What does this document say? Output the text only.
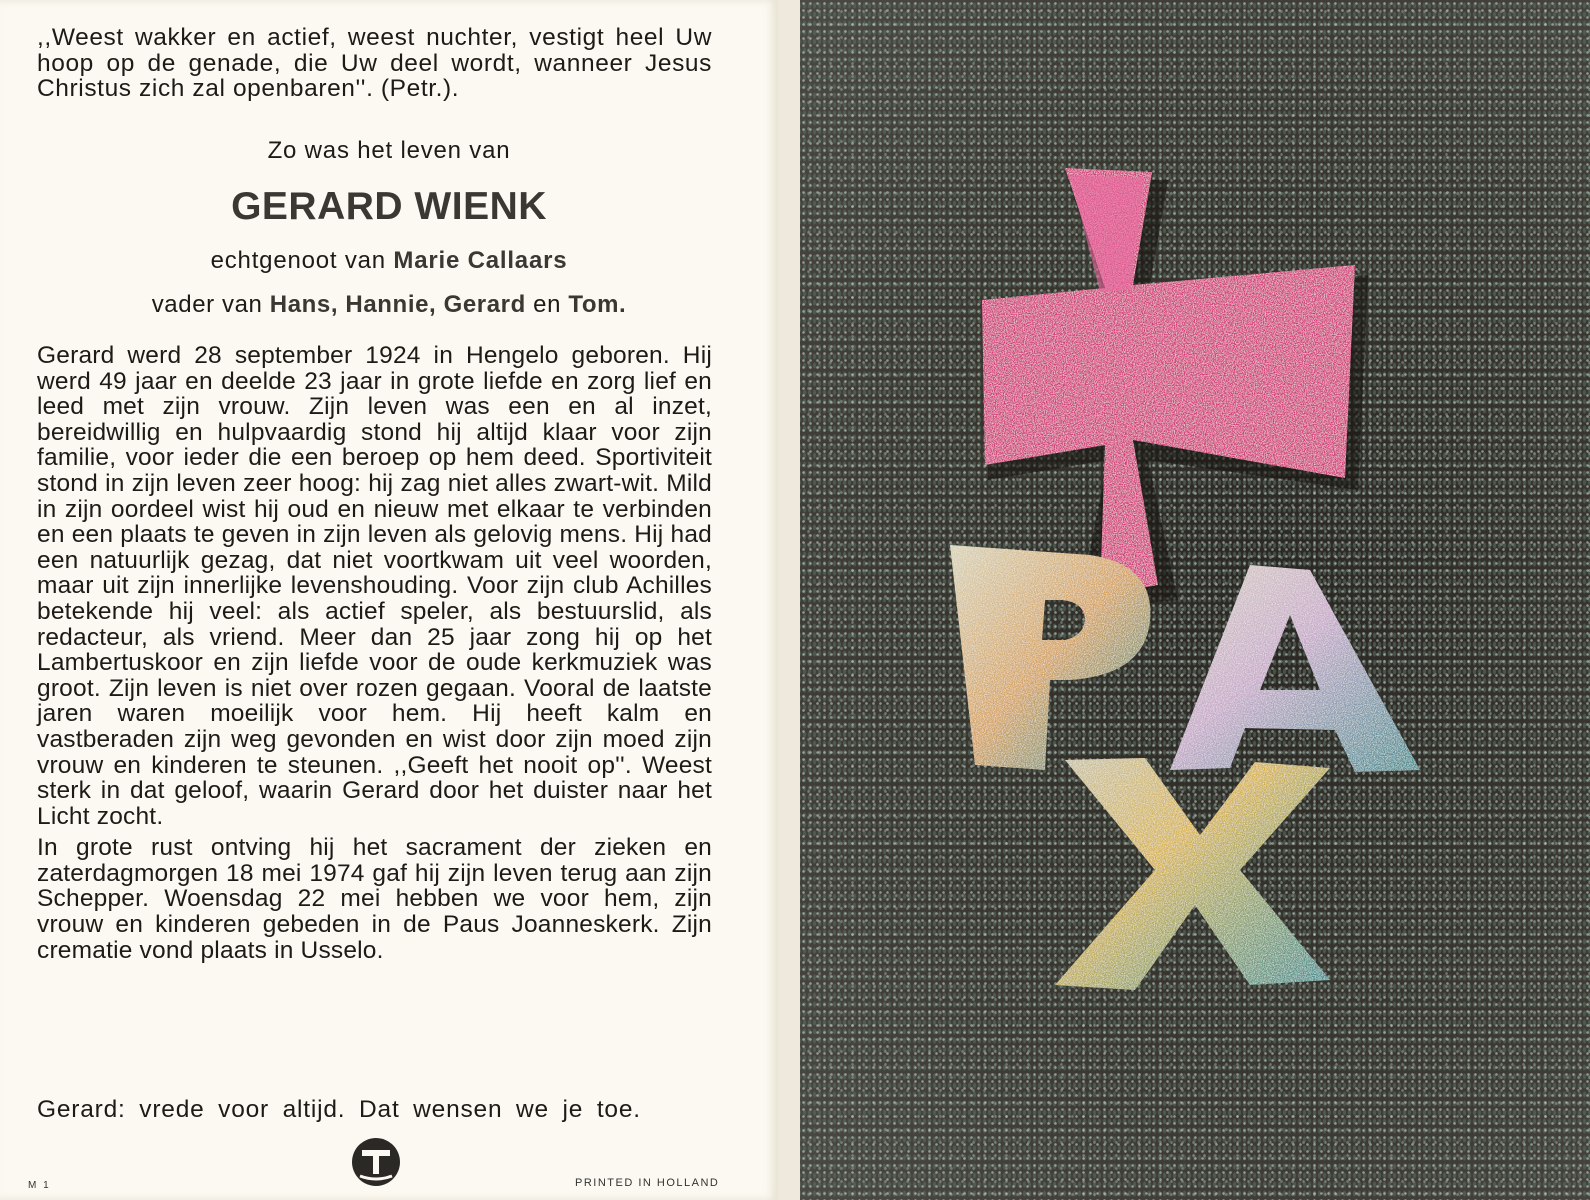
,,Weest wakker en actief, weest nuchter, vestigt heel Uw hoop op de genade, die Uw deel wordt, wanneer Jesus Christus zich zal openbaren''. (Petr.).
Zo was het leven van
GERARD WIENK
echtgenoot van Marie Callaars
vader van Hans, Hannie, Gerard en Tom.

Gerard werd 28 september 1924 in Hengelo geboren. Hij werd 49 jaar en deelde 23 jaar in grote liefde en zorg lief en leed met zijn vrouw. Zijn leven was een en al inzet, bereidwillig en hulpvaardig stond hij altijd klaar voor zijn familie, voor ieder die een beroep op hem deed. Sportiviteit stond in zijn leven zeer hoog: hij zag niet alles zwart-wit. Mild in zijn oordeel wist hij oud en nieuw met elkaar te verbinden en een plaats te geven in zijn leven als gelovig mens. Hij had een natuurlijk gezag, dat niet voortkwam uit veel woorden, maar uit zijn innerlijke levenshouding. Voor zijn club Achilles betekende hij veel: als actief speler, als bestuurslid, als redacteur, als vriend. Meer dan 25 jaar zong hij op het Lambertuskoor en zijn liefde voor de oude kerkmuziek was groot. Zijn leven is niet over rozen gegaan. Vooral de laatste jaren waren moeilijk voor hem. Hij heeft kalm en vastberaden zijn weg gevonden en wist door zijn moed zijn vrouw en kinderen te steunen. ,,Geeft het nooit op''. Weest sterk in dat geloof, waarin Gerard door het duister naar het Licht zocht.

In grote rust ontving hij het sacrament der zieken en zaterdagmorgen 18 mei 1974 gaf hij zijn leven terug aan zijn Schepper. Woensdag 22 mei hebben we voor hem, zijn vrouw en kinderen gebeden in de Paus Joanneskerk. Zijn crematie vond plaats in Usselo.

Gerard: vrede voor altijd. Dat wensen we je toe.
M 1	PRINTED IN HOLLAND
